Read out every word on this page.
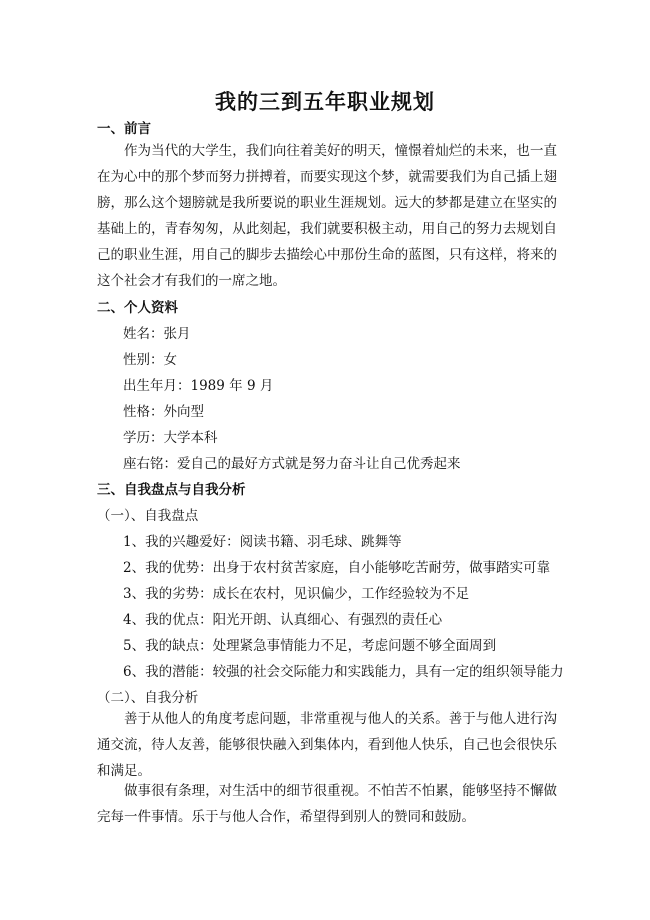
我的三到五年职业规划
一、前言

作为当代的大学生，我们向往着美好的明天，憧憬着灿烂的未来，也一直在为心中的那个梦而努力拼搏着，而要实现这个梦，就需要我们为自己插上翅膀，那么这个翅膀就是我所要说的职业生涯规划。远大的梦都是建立在坚实的基础上的，青春匆匆，从此刻起，我们就要积极主动，用自己的努力去规划自己的职业生涯，用自己的脚步去描绘心中那份生命的蓝图，只有这样，将来的这个社会才有我们的一席之地。

二、个人资料
姓名：张月
性别：女
出生年月：1989 年 9 月
性格：外向型
学历：大学本科
座右铭：爱自己的最好方式就是努力奋斗让自己优秀起来
三、自我盘点与自我分析
（一）、自我盘点
1、我的兴趣爱好：阅读书籍、羽毛球、跳舞等
2、我的优势：出身于农村贫苦家庭，自小能够吃苦耐劳，做事踏实可靠
3、我的劣势：成长在农村，见识偏少，工作经验较为不足
4、我的优点：阳光开朗、认真细心、有强烈的责任心
5、我的缺点：处理紧急事情能力不足，考虑问题不够全面周到
6、我的潜能：较强的社会交际能力和实践能力，具有一定的组织领导能力
（二）、自我分析

善于从他人的角度考虑问题，非常重视与他人的关系。善于与他人进行沟通交流，待人友善，能够很快融入到集体内，看到他人快乐，自己也会很快乐和满足。

做事很有条理，对生活中的细节很重视。不怕苦不怕累，能够坚持不懈做完每一件事情。乐于与他人合作，希望得到别人的赞同和鼓励。
